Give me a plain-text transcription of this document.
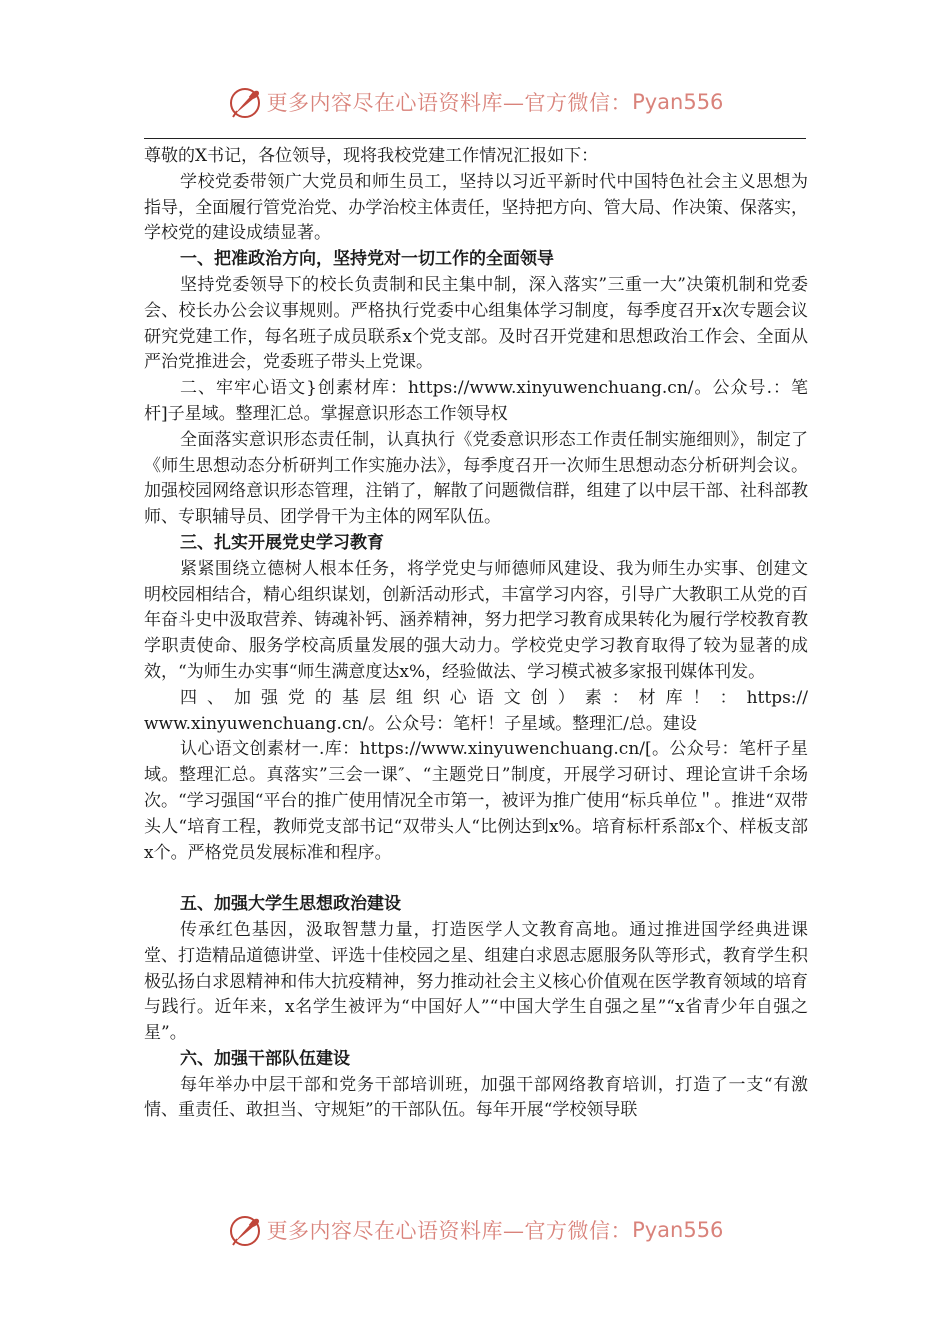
更多内容尽在心语资料库—官方微信： Pyan556

尊敬的X书记，各位领导，现将我校党建工作情况汇报如下：

学校党委带领广大党员和师生员工，坚持以习近平新时代中国特色社会主义思想为指导，全面履行管党治党、办学治校主体责任，坚持把方向、管大局、作决策、保落实，学校党的建设成绩显著。

一、把准政治方向，坚持党对一切工作的全面领导

坚持党委领导下的校长负责制和民主集中制，深入落实”三重一大”决策机制和党委会、校长办公会议事规则。严格执行党委中心组集体学习制度，每季度召开x次专题会议研究党建工作，每名班子成员联系x个党支部。及时召开党建和思想政治工作会、全面从严治党推进会，党委班子带头上党课。

二、牢牢心语文}创素材库：https://www.xinyuwenchuang.cn/。公众号.：笔杆]子星域。整理汇总。掌握意识形态工作领导权

全面落实意识形态责任制，认真执行《党委意识形态工作责任制实施细则》，制定了《师生思想动态分析研判工作实施办法》，每季度召开一次师生思想动态分析研判会议。加强校园网络意识形态管理，注销了，解散了问题微信群，组建了以中层干部、社科部教师、专职辅导员、团学骨干为主体的网军队伍。

三、扎实开展党史学习教育

紧紧围绕立德树人根本任务，将学党史与师德师风建设、我为师生办实事、创建文明校园相结合，精心组织谋划，创新活动形式，丰富学习内容，引导广大教职工从党的百年奋斗史中汲取营养、铸魂补钙、涵养精神，努力把学习教育成果转化为履行学校教育教学职责使命、服务学校高质量发展的强大动力。学校党史学习教育取得了较为显著的成效，“为师生办实事“师生满意度达x%，经验做法、学习模式被多家报刊媒体刊发。

四、加强党的基层组织心语文创）素：材库！：https://

www.xinyuwenchuang.cn/。公众号：笔杆！子星域。整理汇/总。建设

认心语文创素材一.库：https://www.xinyuwenchuang.cn/[。公众号：笔杆子星域。整理汇总。真落实”三会一课″、“主题党日”制度，开展学习研讨、理论宣讲千余场次。“学习强国“平台的推广使用情况全市第一，被评为推广使用“标兵单位＂。推进“双带头人“培育工程，教师党支部书记“双带头人“比例达到x%。培育标杆系部x个、样板支部x个。严格党员发展标准和程序。

五、加强大学生思想政治建设

传承红色基因，汲取智慧力量，打造医学人文教育高地。通过推进国学经典进课堂、打造精品道德讲堂、评选十佳校园之星、组建白求恩志愿服务队等形式，教育学生积极弘扬白求恩精神和伟大抗疫精神，努力推动社会主义核心价值观在医学教育领域的培育与践行。近年来，x名学生被评为“中国好人”“中国大学生自强之星”“x省青少年自强之星”。

六、加强干部队伍建设

每年举办中层干部和党务干部培训班，加强干部网络教育培训，打造了一支“有激情、重责任、敢担当、守规矩”的干部队伍。每年开展“学校领导联

更多内容尽在心语资料库—官方微信： Pyan556
